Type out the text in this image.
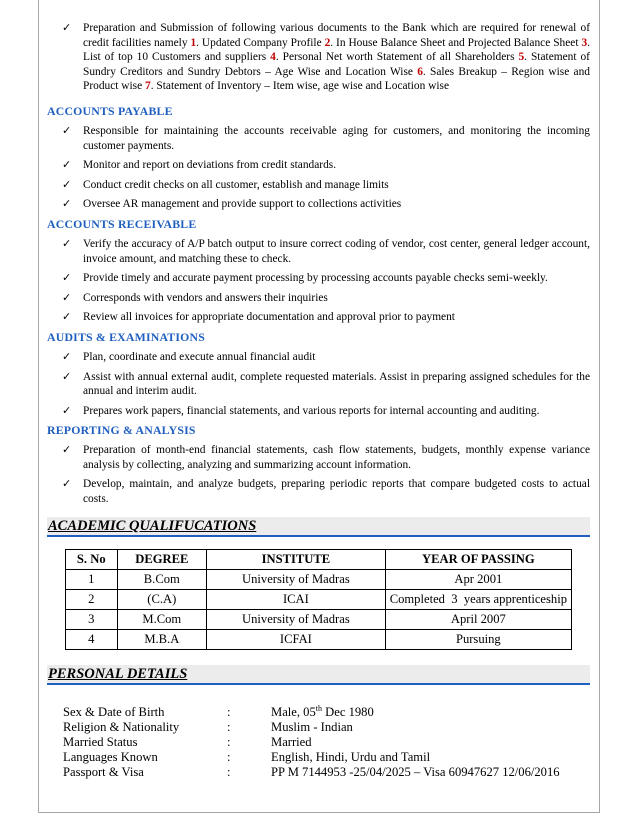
✓ Preparation and Submission of following various documents to the Bank which are required for renewal of credit facilities namely 1. Updated Company Profile 2. In House Balance Sheet and Projected Balance Sheet 3. List of top 10 Customers and suppliers 4. Personal Net worth Statement of all Shareholders 5. Statement of Sundry Creditors and Sundry Debtors – Age Wise and Location Wise 6. Sales Breakup – Region wise and Product wise 7. Statement of Inventory – Item wise, age wise and Location wise
ACCOUNTS PAYABLE
✓ Responsible for maintaining the accounts receivable aging for customers, and monitoring the incoming customer payments.
✓ Monitor and report on deviations from credit standards.
✓ Conduct credit checks on all customer, establish and manage limits
✓ Oversee AR management and provide support to collections activities
ACCOUNTS RECEIVABLE
✓ Verify the accuracy of A/P batch output to insure correct coding of vendor, cost center, general ledger account, invoice amount, and matching these to check.
✓ Provide timely and accurate payment processing by processing accounts payable checks semi-weekly.
✓ Corresponds with vendors and answers their inquiries
✓ Review all invoices for appropriate documentation and approval prior to payment
AUDITS & EXAMINATIONS
✓ Plan, coordinate and execute annual financial audit
✓ Assist with annual external audit, complete requested materials. Assist in preparing assigned schedules for the annual and interim audit.
✓ Prepares work papers, financial statements, and various reports for internal accounting and auditing.
REPORTING & ANALYSIS
✓ Preparation of month-end financial statements, cash flow statements, budgets, monthly expense variance analysis by collecting, analyzing and summarizing account information.
✓ Develop, maintain, and analyze budgets, preparing periodic reports that compare budgeted costs to actual costs.
ACADEMIC QUALIFUCATIONS
S. No	DEGREE	INSTITUTE	YEAR OF PASSING
1	B.Com	University of Madras	Apr 2001
2	(C.A)	ICAI	Completed  3  years apprenticeship
3	M.Com	University of Madras	April 2007
4	M.B.A	ICFAI	Pursuing
PERSONAL DETAILS
Sex & Date of Birth	:	Male, 05th Dec 1980
Religion & Nationality	:	Muslim - Indian
Married Status	:	Married
Languages Known	:	English, Hindi, Urdu and Tamil
Passport & Visa	:	PP M 7144953 -25/04/2025 – Visa 60947627 12/06/2016
